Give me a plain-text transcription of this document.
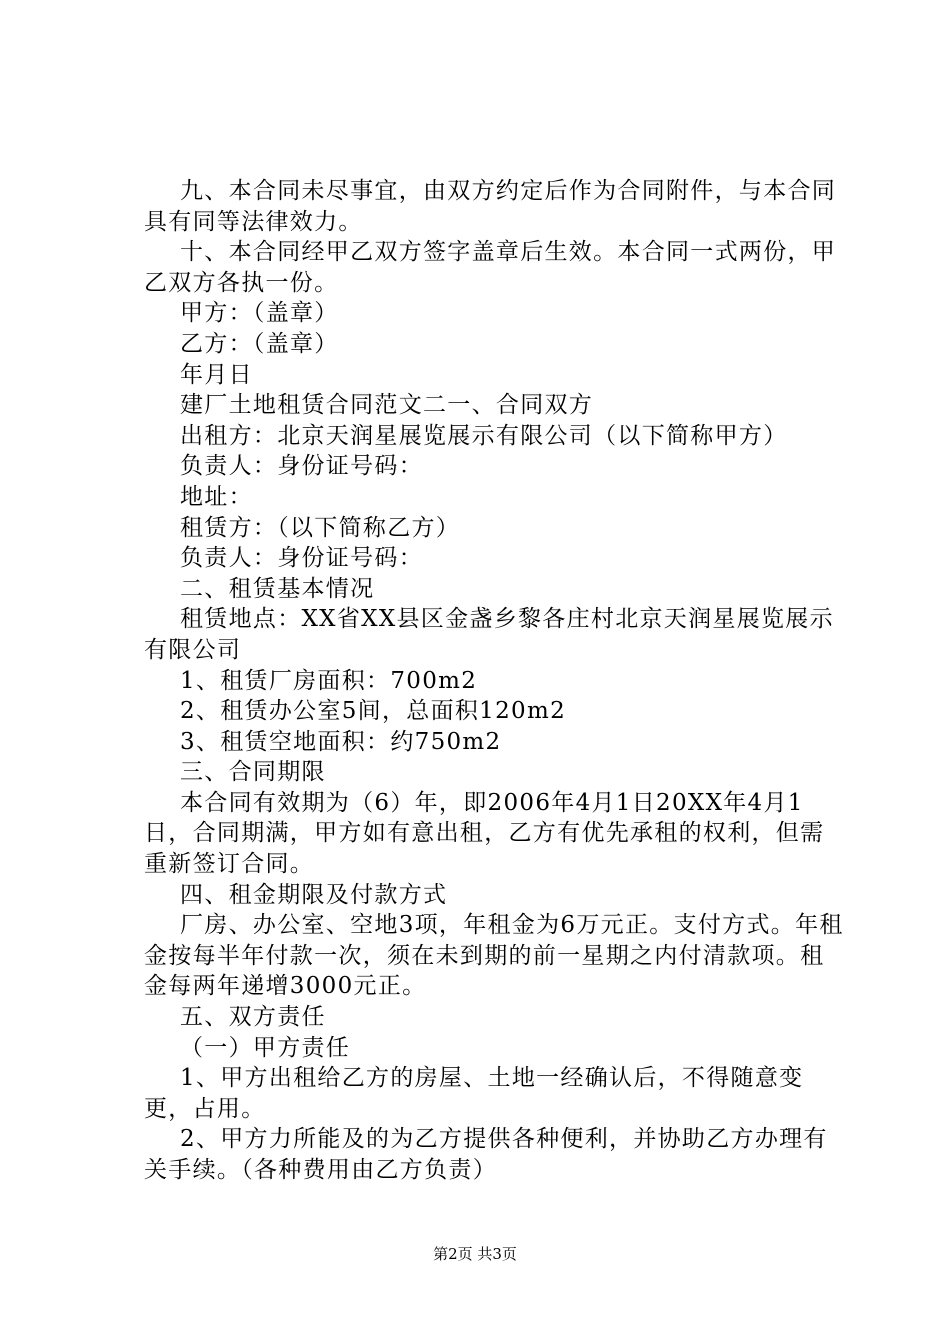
九、本合同未尽事宜，由双方约定后作为合同附件，与本合同具有同等法律效力。

十、本合同经甲乙双方签字盖章后生效。本合同一式两份，甲乙双方各执一份。

甲方：（盖章）

乙方：（盖章）

年月日

建厂土地租赁合同范文二一、合同双方

出租方：北京天润星展览展示有限公司（以下简称甲方）

负责人：身份证号码：

地址：

租赁方：（以下简称乙方）

负责人：身份证号码：

二、租赁基本情况

租赁地点：XX省XX县区金盏乡黎各庄村北京天润星展览展示有限公司

1、租赁厂房面积：700m2

2、租赁办公室5间，总面积120m2

3、租赁空地面积：约750m2

三、合同期限

本合同有效期为（6）年，即2006年4月1日20XX年4月1日，合同期满，甲方如有意出租，乙方有优先承租的权利，但需重新签订合同。

四、租金期限及付款方式

厂房、办公室、空地3项，年租金为6万元正。支付方式。年租金按每半年付款一次，须在未到期的前一星期之内付清款项。租金每两年递增3000元正。

五、双方责任

（一）甲方责任

1、甲方出租给乙方的房屋、土地一经确认后，不得随意变更，占用。

2、甲方力所能及的为乙方提供各种便利，并协助乙方办理有关手续。（各种费用由乙方负责）

第2页 共3页
